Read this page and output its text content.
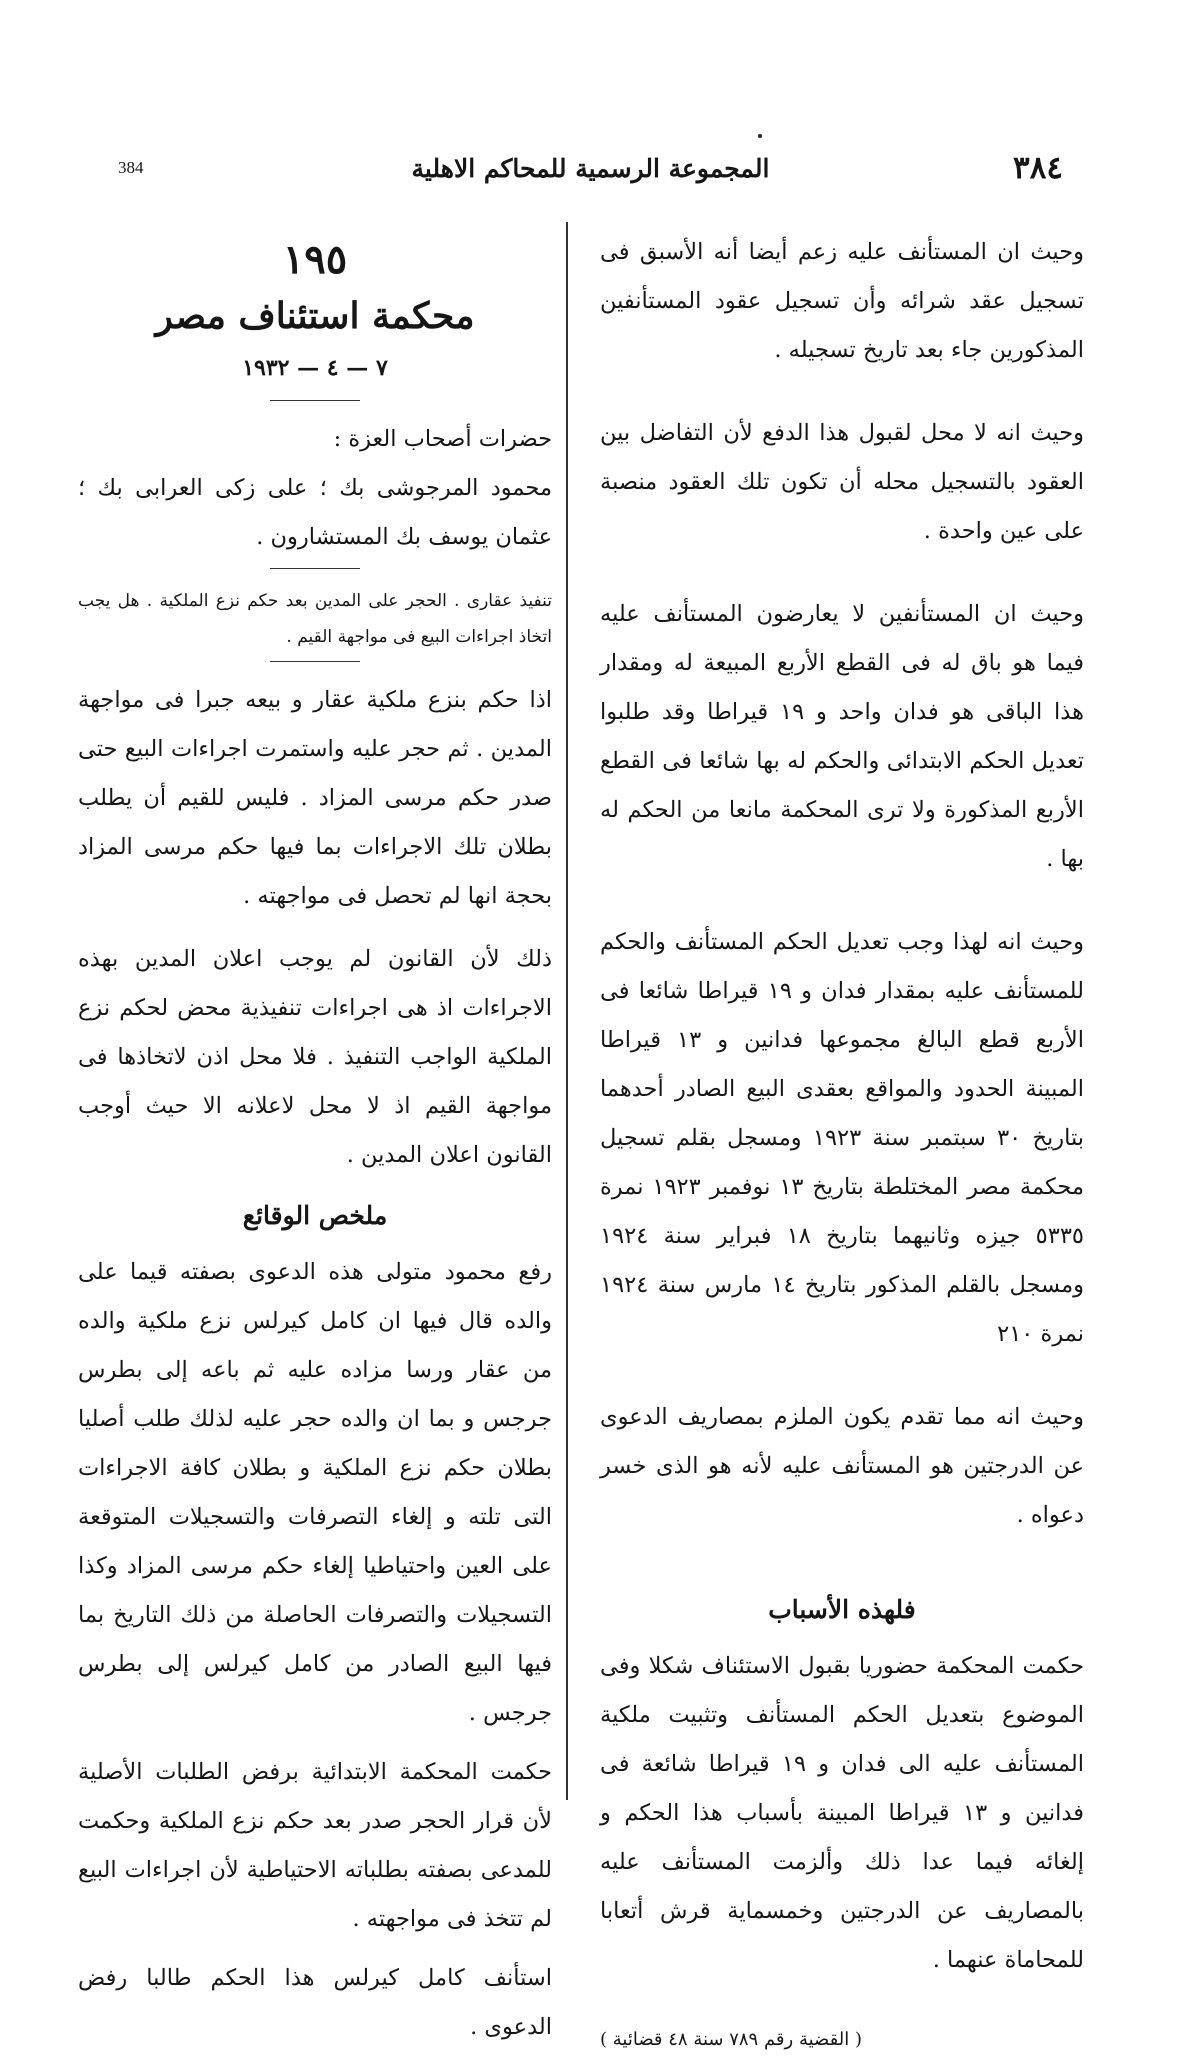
384	المجموعة الرسمية للمحاكم الاهلية	٣٨٤

وحيث ان المستأنف عليه زعم أيضا أنه الأسبق فى تسجيل عقد شرائه وأن تسجيل عقود المستأنفين المذكورين جاء بعد تاريخ تسجيله .

وحيث انه لا محل لقبول هذا الدفع لأن التفاضل بين العقود بالتسجيل محله أن تكون تلك العقود منصبة على عين واحدة .

وحيث ان المستأنفين لا يعارضون المستأنف عليه فيما هو باق له فى القطع الأربع المبيعة له ومقدار هذا الباقى هو فدان واحد و ١٩ قيراطا وقد طلبوا تعديل الحكم الابتدائى والحكم له بها شائعا فى القطع الأربع المذكورة ولا ترى المحكمة مانعا من الحكم له بها .

وحيث انه لهذا وجب تعديل الحكم المستأنف والحكم للمستأنف عليه بمقدار فدان و ١٩ قيراطا شائعا فى الأربع قطع البالغ مجموعها فدانين و ١٣ قيراطا المبينة الحدود والمواقع بعقدى البيع الصادر أحدهما بتاريخ ٣٠ سبتمبر سنة ١٩٢٣ ومسجل بقلم تسجيل محكمة مصر المختلطة بتاريخ ١٣ نوفمبر ١٩٢٣ نمرة ٥٣٣٥ جيزه وثانيهما بتاريخ ١٨ فبراير سنة ١٩٢٤ ومسجل بالقلم المذكور بتاريخ ١٤ مارس سنة ١٩٢٤ نمرة ٢١٠

وحيث انه مما تقدم يكون الملزم بمصاريف الدعوى عن الدرجتين هو المستأنف عليه لأنه هو الذى خسر دعواه .

فلهذه الأسباب

حكمت المحكمة حضوريا بقبول الاستئناف شكلا وفى الموضوع بتعديل الحكم المستأنف وتثبيت ملكية المستأنف عليه الى فدان و ١٩ قيراطا شائعة فى فدانين و ١٣ قيراطا المبينة بأسباب هذا الحكم و إلغائه فيما عدا ذلك وألزمت المستأنف عليه بالمصاريف عن الدرجتين وخمسماية قرش أتعابا للمحاماة عنهما .

( القضية رقم ٧٨٩ سنة ٤٨ قضائية )
١٩٥
محكمة استئناف مصر
٧ — ٤ — ١٩٣٢

حضرات أصحاب العزة :

محمود المرجوشى بك ؛ على زكى العرابى بك ؛ عثمان يوسف بك المستشارون .

تنفيذ عقارى . الحجر على المدين بعد حكم نزع الملكية . هل يجب اتخاذ اجراءات البيع فى مواجهة القيم .

اذا حكم بنزع ملكية عقار و بيعه جبرا فى مواجهة المدين . ثم حجر عليه واستمرت اجراءات البيع حتى صدر حكم مرسى المزاد . فليس للقيم أن يطلب بطلان تلك الاجراءات بما فيها حكم مرسى المزاد بحجة انها لم تحصل فى مواجهته .

ذلك لأن القانون لم يوجب اعلان المدين بهذه الاجراءات اذ هى اجراءات تنفيذية محض لحكم نزع الملكية الواجب التنفيذ . فلا محل اذن لاتخاذها فى مواجهة القيم اذ لا محل لاعلانه الا حيث أوجب القانون اعلان المدين .

ملخص الوقائع

رفع محمود متولى هذه الدعوى بصفته قيما على والده قال فيها ان كامل كيرلس نزع ملكية والده من عقار ورسا مزاده عليه ثم باعه إلى بطرس جرجس و بما ان والده حجر عليه لذلك طلب أصليا بطلان حكم نزع الملكية و بطلان كافة الاجراءات التى تلته و إلغاء التصرفات والتسجيلات المتوقعة على العين واحتياطيا إلغاء حكم مرسى المزاد وكذا التسجيلات والتصرفات الحاصلة من ذلك التاريخ بما فيها البيع الصادر من كامل كيرلس إلى بطرس جرجس .

حكمت المحكمة الابتدائية برفض الطلبات الأصلية لأن قرار الحجر صدر بعد حكم نزع الملكية وحكمت للمدعى بصفته بطلباته الاحتياطية لأن اجراءات البيع لم تتخذ فى مواجهته .

استأنف كامل كيرلس هذا الحكم طالبا رفض الدعوى .
